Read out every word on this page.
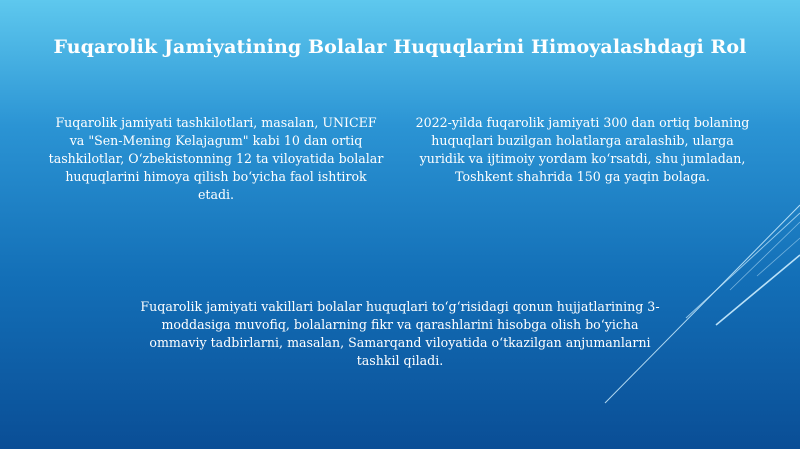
Fuqarolik Jamiyatining Bolalar Huquqlarini Himoyalashdagi Rol
Fuqarolik jamiyati tashkilotlari, masalan, UNICEF va "Sen-Mening Kelajagum" kabi 10 dan ortiq tashkilotlar, O‘zbekistonning 12 ta viloyatida bolalar huquqlarini himoya qilish bo‘yicha faol ishtirok etadi.
2022-yilda fuqarolik jamiyati 300 dan ortiq bolaning huquqlari buzilgan holatlarga aralashib, ularga yuridik va ijtimoiy yordam ko‘rsatdi, shu jumladan, Toshkent shahrida 150 ga yaqin bolaga.
Fuqarolik jamiyati vakillari bolalar huquqlari to‘g‘risidagi qonun hujjatlarining 3-moddasiga muvofiq, bolalarning fikr va qarashlarini hisobga olish bo‘yicha ommaviy tadbirlarni, masalan, Samarqand viloyatida o‘tkazilgan anjumanlarni tashkil qiladi.
